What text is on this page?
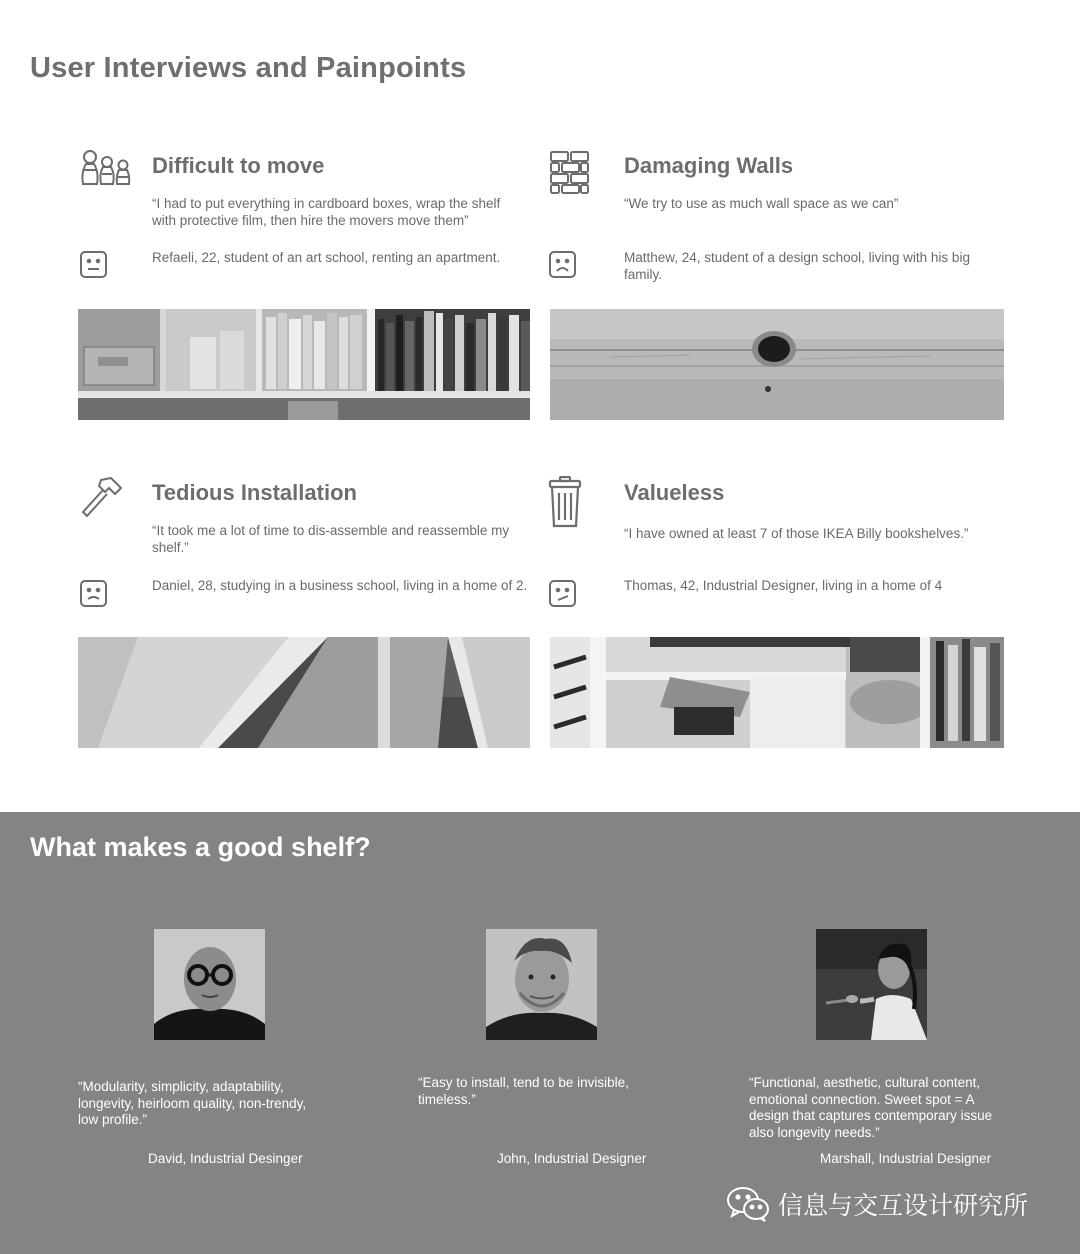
User Interviews and Painpoints
Difficult to move

“I had to put everything in cardboard boxes, wrap the shelf with protective film, then hire the movers move them”

Refaeli, 22, student of an art school, renting an apartment.

Damaging Walls

“We try to use as much wall space as we can”

Matthew, 24, student of a design school, living with his big family.

Tedious Installation

“It took me a lot of time to dis-assemble and reassemble my shelf.”

Daniel, 28, studying in a business school, living in a home of 2.

Valueless

“I have owned at least 7 of those IKEA Billy bookshelves.”

Thomas, 42, Industrial Designer, living in a home of 4

What makes a good shelf?

“Modularity, simplicity, adaptability, longevity, heirloom quality, non-trendy, low profile.”

David, Industrial Desinger

“Easy to install, tend to be invisible, timeless.”

John, Industrial Designer

“Functional, aesthetic, cultural content, emotional connection. Sweet spot = A design that captures contemporary issue also longevity needs.”

Marshall, Industrial Designer

信息与交互设计研究所
